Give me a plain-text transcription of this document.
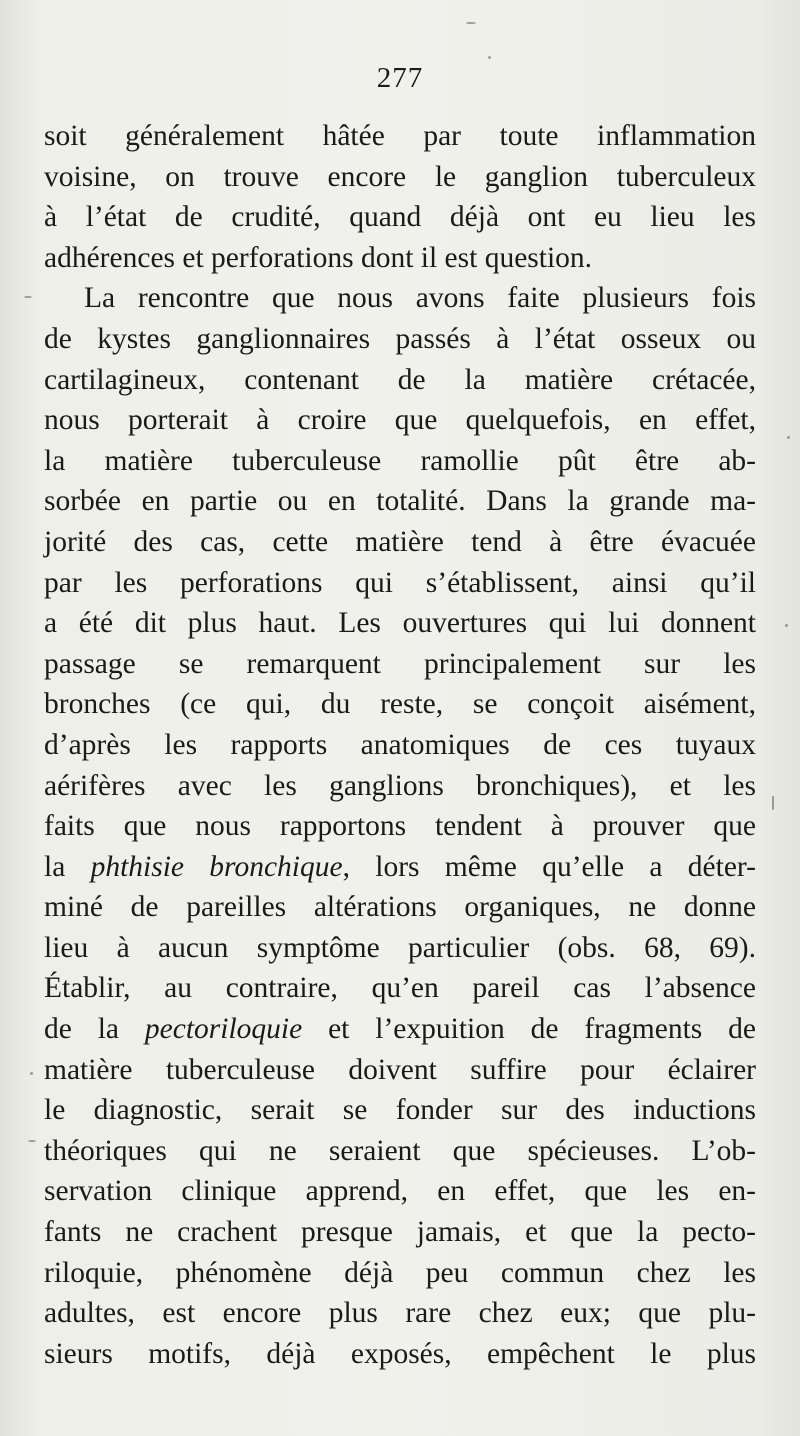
277
soit généralement hâtée par toute inflammation
voisine, on trouve encore le ganglion tuberculeux
à l’état de crudité, quand déjà ont eu lieu les
adhérences et perforations dont il est question.
La rencontre que nous avons faite plusieurs fois
de kystes ganglionnaires passés à l’état osseux ou
cartilagineux, contenant de la matière crétacée,
nous porterait à croire que quelquefois, en effet,
la matière tuberculeuse ramollie pût être ab-
sorbée en partie ou en totalité. Dans la grande ma-
jorité des cas, cette matière tend à être évacuée
par les perforations qui s’établissent, ainsi qu’il
a été dit plus haut. Les ouvertures qui lui donnent
passage se remarquent principalement sur les
bronches (ce qui, du reste, se conçoit aisément,
d’après les rapports anatomiques de ces tuyaux
aérifères avec les ganglions bronchiques), et les
faits que nous rapportons tendent à prouver que
la phthisie bronchique, lors même qu’elle a déter-
miné de pareilles altérations organiques, ne donne
lieu à aucun symptôme particulier (obs. 68, 69).
Établir, au contraire, qu’en pareil cas l’absence
de la pectoriloquie et l’expuition de fragments de
matière tuberculeuse doivent suffire pour éclairer
le diagnostic, serait se fonder sur des inductions
théoriques qui ne seraient que spécieuses. L’ob-
servation clinique apprend, en effet, que les en-
fants ne crachent presque jamais, et que la pecto-
riloquie, phénomène déjà peu commun chez les
adultes, est encore plus rare chez eux; que plu-
sieurs motifs, déjà exposés, empêchent le plus
